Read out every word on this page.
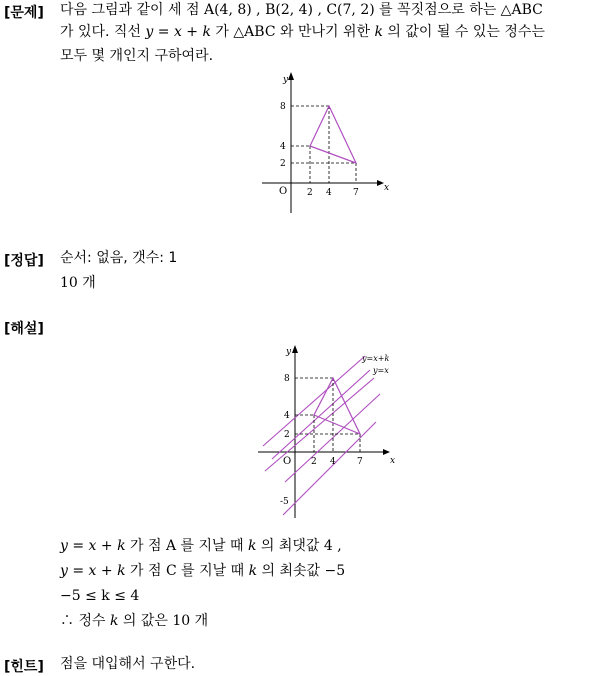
[문제] 다음 그림과 같이 세 점 A(4, 8) , B(2, 4) , C(7, 2) 를 꼭짓점으로 하는 △ABC
가 있다. 직선 y = x + k 가 △ABC 와 만나기 위한 k 의 값이 될 수 있는 정수는
모두 몇 개인지 구하여라.
y
x
O
8
4
2
2 4 7
[정답] 순서: 없음, 갯수: 1
10 개
[해설]
y
x
y=x+k
y=x
O
8
4
2
-5
2 4 7
y = x + k 가 점 A 를 지날 때 k 의 최댓값 4 ,
y = x + k 가 점 C 를 지날 때 k 의 최솟값 −5
−5 ≤ k ≤ 4
∴ 정수 k 의 값은 10 개
[힌트] 점을 대입해서 구한다.
